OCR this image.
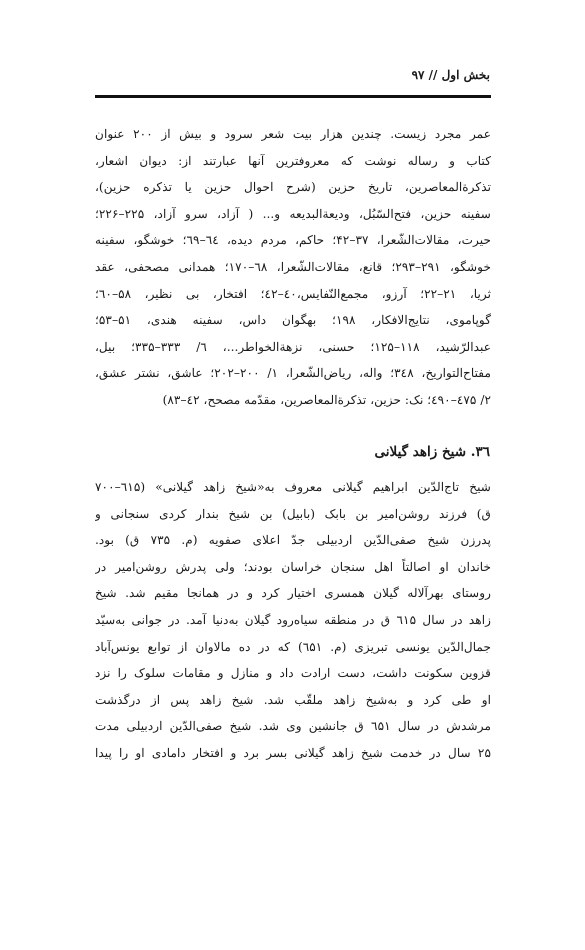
بخش اول // ۹۷
عمر مجرد زیست. چندین هزار بیت شعر سرود و بیش از ۲۰۰ عنوان
کتاب و رساله نوشت که معروفترین آنها عبارتند از: دیوان اشعار،
تذکرةالمعاصرین، تاریخ حزین (شرح احوال حزین یا تذکره حزین)،
سفینه حزین، فتح‌السّبُل، ودیعةالبدیعه و... ( آزاد، سرو آزاد، ۲۲۵–۲۲۶؛
حیرت، مقالات‌الشّعرا، ۳۷–۴۲؛ حاکم، مردم دیده، ٦٤–٦٩؛ خوشگو، سفینه
خوشگو، ۲۹۱–۲۹۳؛ قانع، مقالات‌الشّعرا، ٦۸–۱۷۰؛ همدانی مصحفی، عقد
ثریا، ۲۱–۲۲؛ آرزو، مجمع‌النّفایس،٤٠–٤٢؛ افتخار، بی نظیر، ۵۸–٦٠؛
گوپاموی، نتایج‌الافکار، ۱۹۸؛ بهگوان داس، سفینه هندی، ۵۱–۵۳؛
عبدالرّشید، ۱۱۸–۱۲۵؛ حسنی، نزهةالخواطر...، ٦/ ۳۳۳–۳۳۵؛ بیل،
مفتاح‌التواریخ، ۳٤۸؛ واله، ریاض‌الشّعرا، ۱/ ۲۰۰–۲۰۲؛ عاشق، نشتر عشق،
۲/ ٤۷۵–٤۹٠؛ نک: حزین، تذکرةالمعاصرین، مقدّمه مصحح، ٤۲–۸۳)
۳٦. شیخ زاهد گیلانی
شیخ تاج‌الدّین ابراهیم گیلانی معروف به«شیخ زاهد گیلانی» (٦۱۵–۷۰۰
ق) فرزند روشن‌امیر بن بابک (بابیل) بن شیخ بندار کردی سنجانی و
پدرزن شیخ صفی‌الدّین اردبیلی جدّ اعلای صفویه (م. ۷۳۵ ق) بود.
خاندان او اصالتاً اهل سنجان خراسان بودند؛ ولی پدرش روشن‌امیر در
روستای بهرآلاله گیلان همسری اختیار کرد و در همانجا مقیم شد. شیخ
زاهد در سال ٦۱۵ ق در منطقه سیاه‌رود گیلان به‌دنیا آمد. در جوانی به‌سیّد
جمال‌الدّین یونسی تبریزی (م. ٦۵۱) که در ده مالاوان از توابع یونس‌آباد
قزوین سکونت داشت، دست ارادت داد و منازل و مقامات سلوک را نزد
او طی کرد و به‌شیخ زاهد ملقّب شد. شیخ زاهد پس از درگذشت
مرشدش در سال ٦۵۱ ق جانشین وی شد. شیخ صفی‌الدّین اردبیلی مدت
۲۵ سال در خدمت شیخ زاهد گیلانی بسر برد و افتخار دامادی او را پیدا
